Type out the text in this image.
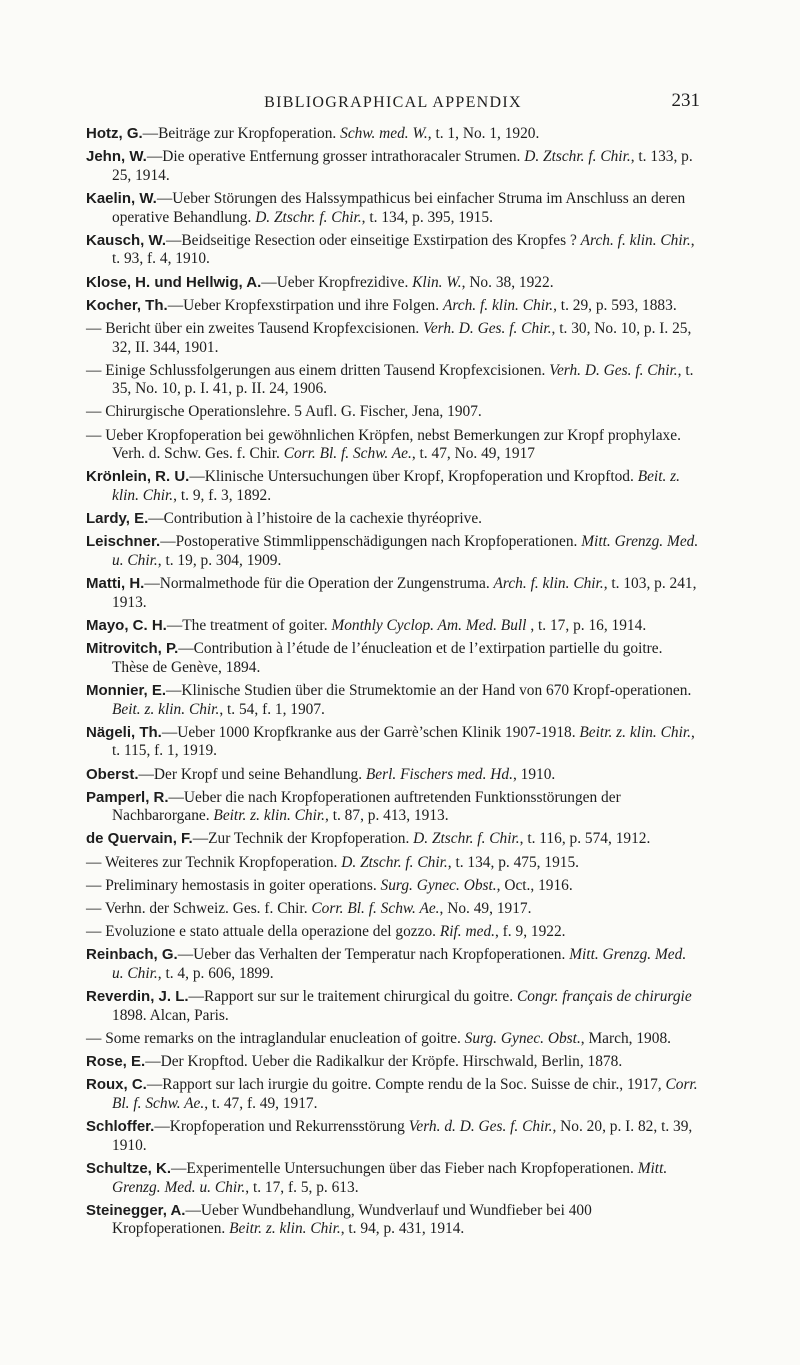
BIBLIOGRAPHICAL APPENDIX	231
Hotz, G.—Beiträge zur Kropfoperation. Schw. med. W., t. 1, No. 1, 1920.
Jehn, W.—Die operative Entfernung grosser intrathoracaler Strumen. D. Ztschr. f. Chir., t. 133, p. 25, 1914.
Kaelin, W.—Ueber Störungen des Halssympathicus bei einfacher Struma im Anschluss an deren operative Behandlung. D. Ztschr. f. Chir., t. 134, p. 395, 1915.
Kausch, W.—Beidseitige Resection oder einseitige Exstirpation des Kropfes ? Arch. f. klin. Chir., t. 93, f. 4, 1910.
Klose, H. und Hellwig, A.—Ueber Kropfrezidive. Klin. W., No. 38, 1922.
Kocher, Th.—Ueber Kropfexstirpation und ihre Folgen. Arch. f. klin. Chir., t. 29, p. 593, 1883.
— Bericht über ein zweites Tausend Kropfexcisionen. Verh. D. Ges. f. Chir., t. 30, No. 10, p. I. 25, 32, II. 344, 1901.
— Einige Schlussfolgerungen aus einem dritten Tausend Kropfexcisionen. Verh. D. Ges. f. Chir., t. 35, No. 10, p. I. 41, p. II. 24, 1906.
— Chirurgische Operationslehre. 5 Aufl. G. Fischer, Jena, 1907.
— Ueber Kropfoperation bei gewöhnlichen Kröpfen, nebst Bemerkungen zur Kropf prophylaxe. Verh. d. Schw. Ges. f. Chir. Corr. Bl. f. Schw. Ae., t. 47, No. 49, 1917
Krönlein, R. U.—Klinische Untersuchungen über Kropf, Kropfoperation und Kropftod. Beit. z. klin. Chir., t. 9, f. 3, 1892.
Lardy, E.—Contribution à l’histoire de la cachexie thyréoprive.
Leischner.—Postoperative Stimmlippenschädigungen nach Kropfoperationen. Mitt. Grenzg. Med. u. Chir., t. 19, p. 304, 1909.
Matti, H.—Normalmethode für die Operation der Zungenstruma. Arch. f. klin. Chir., t. 103, p. 241, 1913.
Mayo, C. H.—The treatment of goiter. Monthly Cyclop. Am. Med. Bull , t. 17, p. 16, 1914.
Mitrovitch, P.—Contribution à l’étude de l’énucleation et de l’extirpation partielle du goitre. Thèse de Genève, 1894.
Monnier, E.—Klinische Studien über die Strumektomie an der Hand von 670 Kropf-operationen. Beit. z. klin. Chir., t. 54, f. 1, 1907.
Nägeli, Th.—Ueber 1000 Kropfkranke aus der Garrè’schen Klinik 1907-1918. Beitr. z. klin. Chir., t. 115, f. 1, 1919.
Oberst.—Der Kropf und seine Behandlung. Berl. Fischers med. Hd., 1910.
Pamperl, R.—Ueber die nach Kropfoperationen auftretenden Funktionsstörungen der Nachbarorgane. Beitr. z. klin. Chir., t. 87, p. 413, 1913.
de Quervain, F.—Zur Technik der Kropfoperation. D. Ztschr. f. Chir., t. 116, p. 574, 1912.
— Weiteres zur Technik Kropfoperation. D. Ztschr. f. Chir., t. 134, p. 475, 1915.
— Preliminary hemostasis in goiter operations. Surg. Gynec. Obst., Oct., 1916.
— Verhn. der Schweiz. Ges. f. Chir. Corr. Bl. f. Schw. Ae., No. 49, 1917.
— Evoluzione e stato attuale della operazione del gozzo. Rif. med., f. 9, 1922.
Reinbach, G.—Ueber das Verhalten der Temperatur nach Kropfoperationen. Mitt. Grenzg. Med. u. Chir., t. 4, p. 606, 1899.
Reverdin, J. L.—Rapport sur sur le traitement chirurgical du goitre. Congr. français de chirurgie 1898. Alcan, Paris.
— Some remarks on the intraglandular enucleation of goitre. Surg. Gynec. Obst., March, 1908.
Rose, E.—Der Kropftod. Ueber die Radikalkur der Kröpfe. Hirschwald, Berlin, 1878.
Roux, C.—Rapport sur lach irurgie du goitre. Compte rendu de la Soc. Suisse de chir., 1917, Corr. Bl. f. Schw. Ae., t. 47, f. 49, 1917.
Schloffer.—Kropfoperation und Rekurrensstörung Verh. d. D. Ges. f. Chir., No. 20, p. I. 82, t. 39, 1910.
Schultze, K.—Experimentelle Untersuchungen über das Fieber nach Kropfoperationen. Mitt. Grenzg. Med. u. Chir., t. 17, f. 5, p. 613.
Steinegger, A.—Ueber Wundbehandlung, Wundverlauf und Wundfieber bei 400 Kropfoperationen. Beitr. z. klin. Chir., t. 94, p. 431, 1914.
